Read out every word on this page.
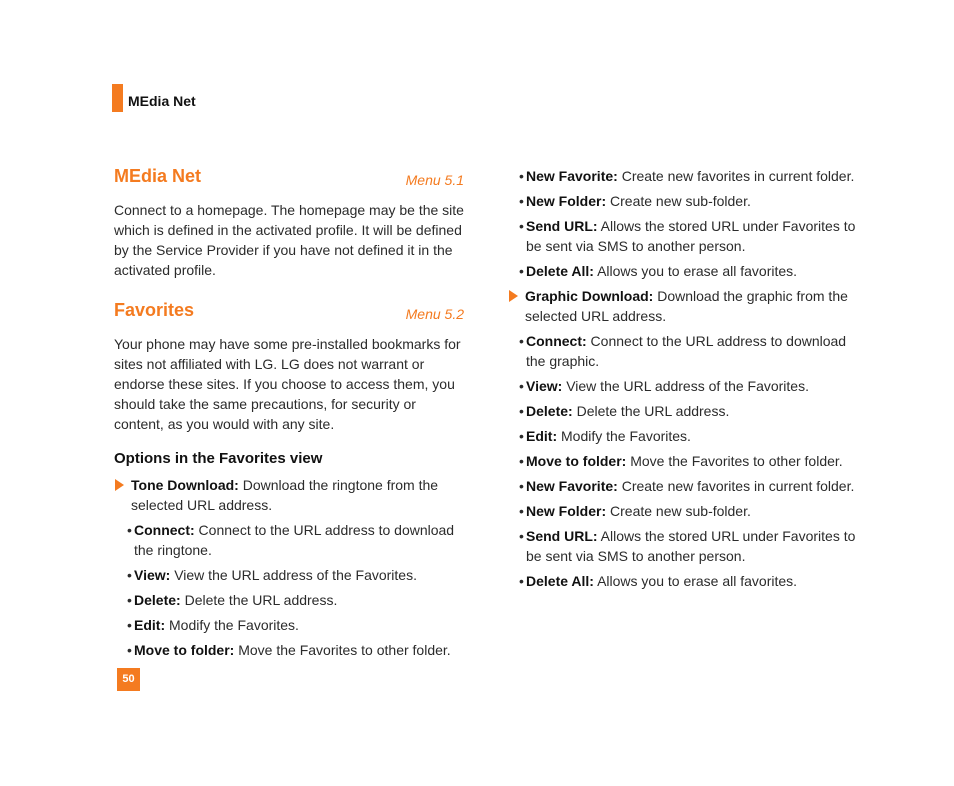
MEdia Net
MEdia Net	Menu 5.1

Connect to a homepage. The homepage may be the site which is defined in the activated profile. It will be defined by the Service Provider if you have not defined it in the activated profile.

Favorites	Menu 5.2

Your phone may have some pre-installed bookmarks for sites not affiliated with LG. LG does not warrant or endorse these sites. If you choose to access them, you should take the same precautions, for security or content, as you would with any site.

Options in the Favorites view

Tone Download: Download the ringtone from the selected URL address.
• Connect: Connect to the URL address to download the ringtone.
• View: View the URL address of the Favorites.
• Delete: Delete the URL address.
• Edit: Modify the Favorites.
• Move to folder: Move the Favorites to other folder.
• New Favorite: Create new favorites in current folder.
• New Folder: Create new sub-folder.
• Send URL: Allows the stored URL under Favorites to be sent via SMS to another person.
• Delete All: Allows you to erase all favorites.
Graphic Download: Download the graphic from the selected URL address.
• Connect: Connect to the URL address to download the graphic.
• View: View the URL address of the Favorites.
• Delete: Delete the URL address.
• Edit: Modify the Favorites.
• Move to folder: Move the Favorites to other folder.
• New Favorite: Create new favorites in current folder.
• New Folder: Create new sub-folder.
• Send URL: Allows the stored URL under Favorites to be sent via SMS to another person.
• Delete All: Allows you to erase all favorites.
50
